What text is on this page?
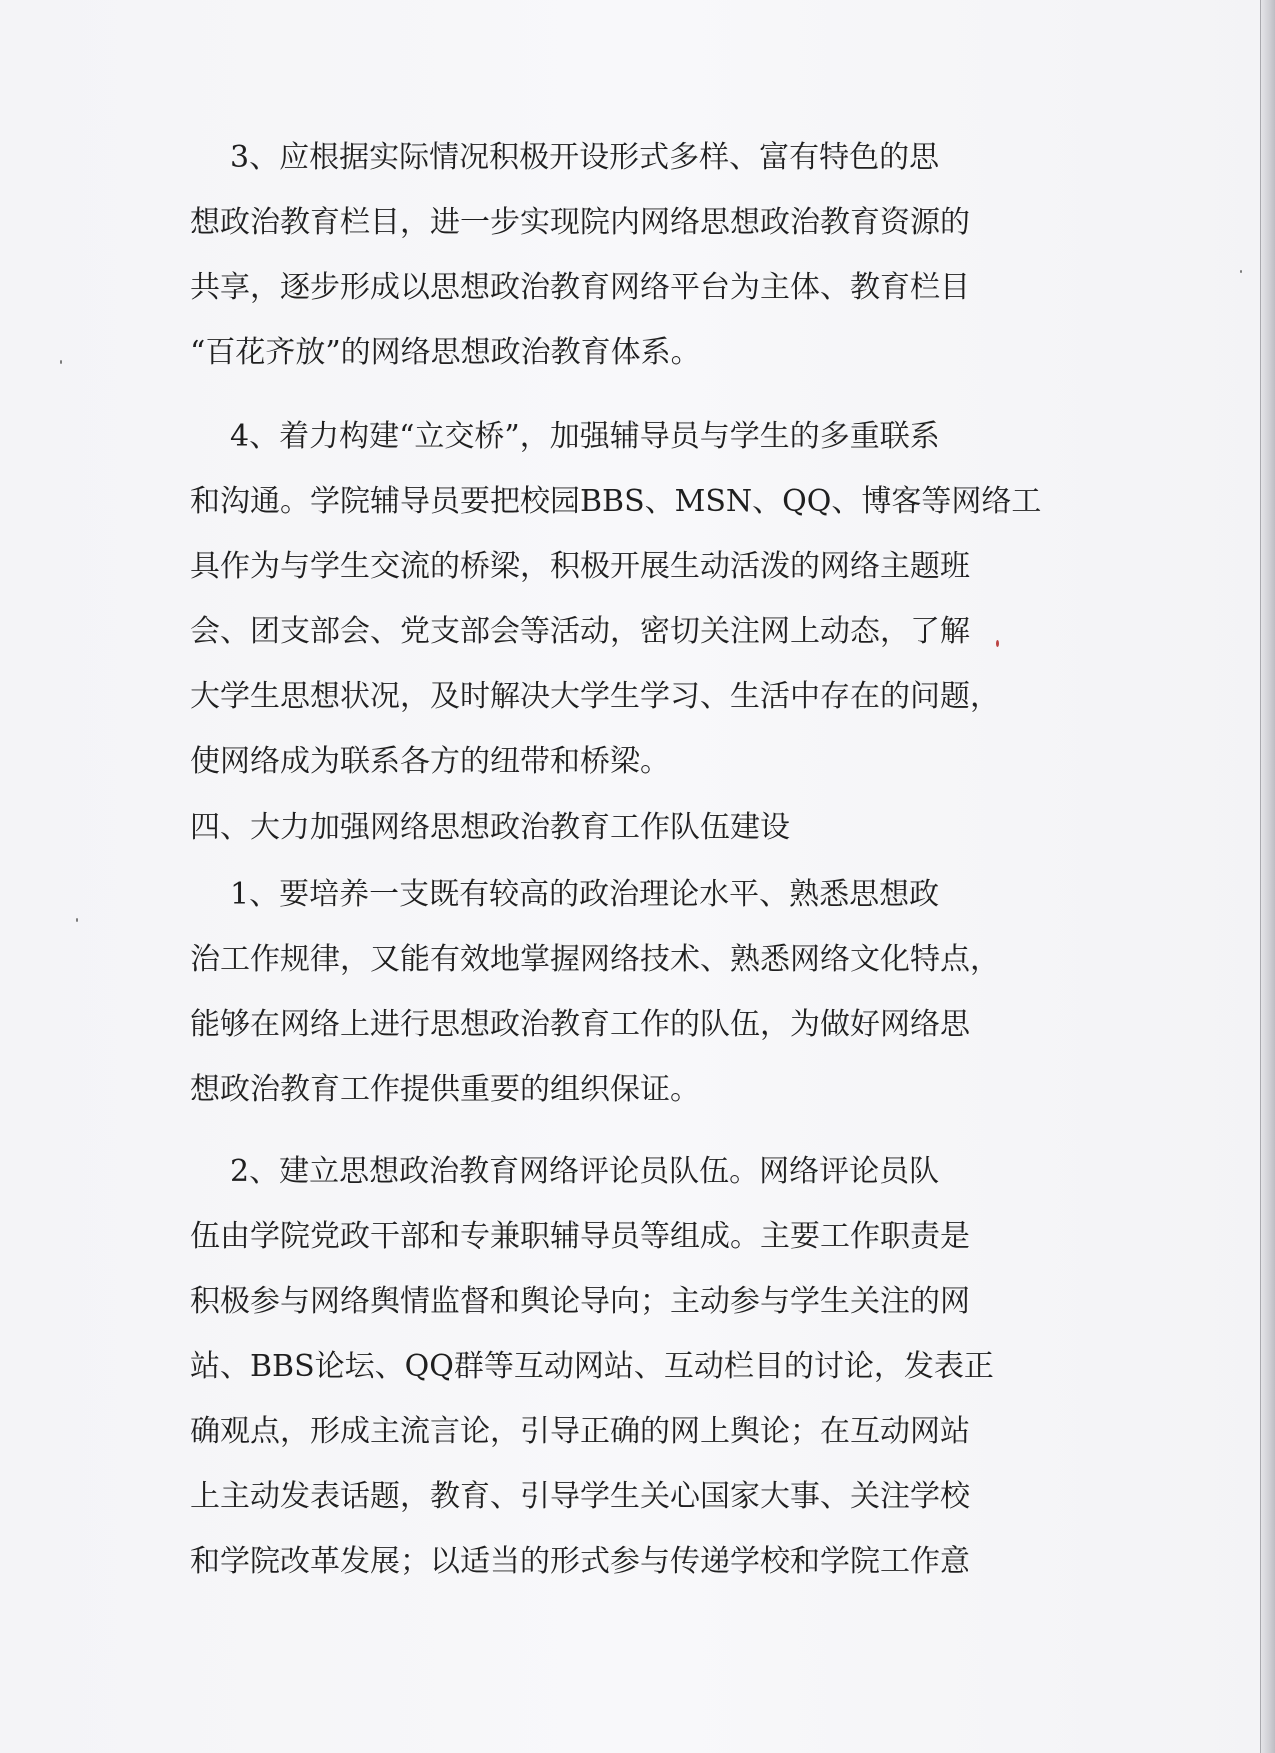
3、应根据实际情况积极开设形式多样、富有特色的思

想政治教育栏目，进一步实现院内网络思想政治教育资源的

共享，逐步形成以思想政治教育网络平台为主体、教育栏目

“百花齐放”的网络思想政治教育体系。

4、着力构建“立交桥”，加强辅导员与学生的多重联系

和沟通。学院辅导员要把校园BBS、MSN、QQ、博客等网络工

具作为与学生交流的桥梁，积极开展生动活泼的网络主题班

会、团支部会、党支部会等活动，密切关注网上动态，了解

大学生思想状况，及时解决大学生学习、生活中存在的问题，

使网络成为联系各方的纽带和桥梁。

四、大力加强网络思想政治教育工作队伍建设

1、要培养一支既有较高的政治理论水平、熟悉思想政

治工作规律，又能有效地掌握网络技术、熟悉网络文化特点，

能够在网络上进行思想政治教育工作的队伍，为做好网络思

想政治教育工作提供重要的组织保证。

2、建立思想政治教育网络评论员队伍。网络评论员队

伍由学院党政干部和专兼职辅导员等组成。主要工作职责是

积极参与网络舆情监督和舆论导向；主动参与学生关注的网

站、BBS论坛、QQ群等互动网站、互动栏目的讨论，发表正

确观点，形成主流言论，引导正确的网上舆论；在互动网站

上主动发表话题，教育、引导学生关心国家大事、关注学校

和学院改革发展；以适当的形式参与传递学校和学院工作意
